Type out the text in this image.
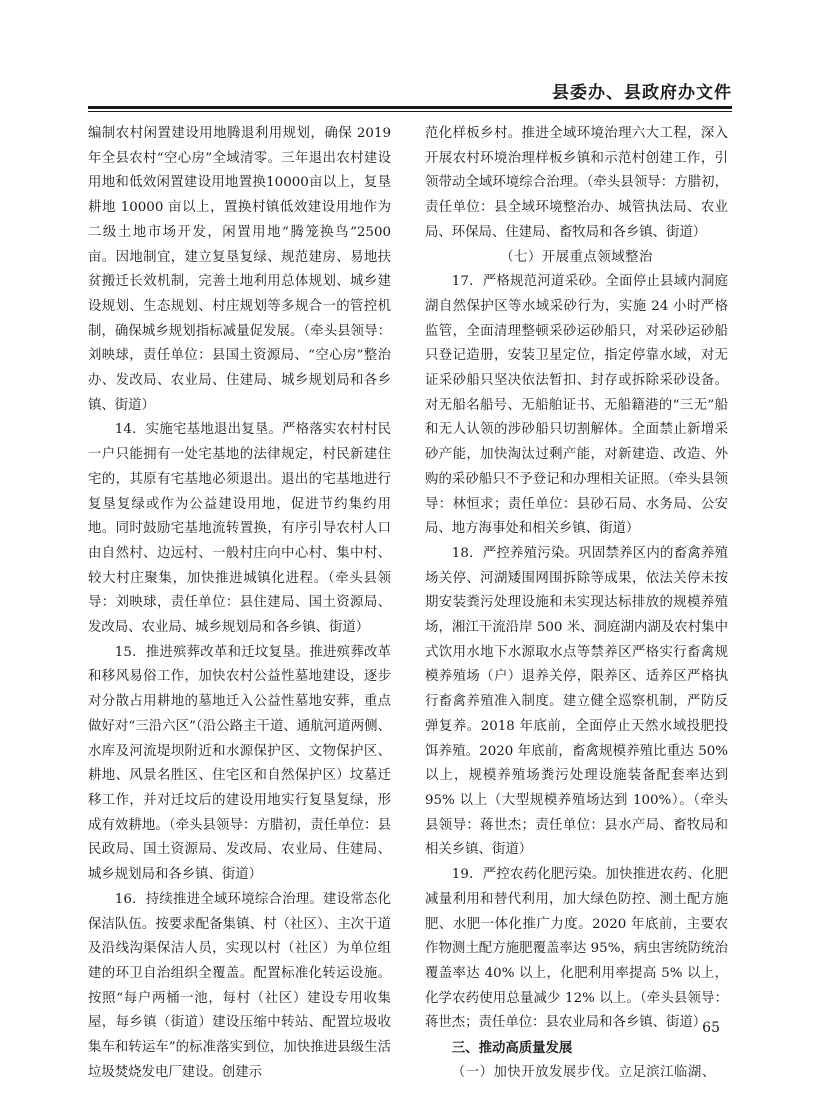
县委办、县政府办文件

编制农村闲置建设用地腾退利用规划，确保 2019年全县农村“空心房”全域清零。三年退出农村建设用地和低效闲置建设用地置换10000亩以上，复垦耕地 10000 亩以上，置换村镇低效建设用地作为二级土地市场开发，闲置用地“腾笼换鸟”2500 亩。因地制宜，建立复垦复绿、规范建房、易地扶贫搬迁长效机制，完善土地利用总体规划、城乡建设规划、生态规划、村庄规划等多规合一的管控机制，确保城乡规划指标减量促发展。（牵头县领导：刘映球，责任单位：县国土资源局、“空心房”整治办、发改局、农业局、住建局、城乡规划局和各乡镇、街道）

14．实施宅基地退出复垦。严格落实农村村民一户只能拥有一处宅基地的法律规定，村民新建住宅的，其原有宅基地必须退出。退出的宅基地进行复垦复绿或作为公益建设用地，促进节约集约用地。同时鼓励宅基地流转置换，有序引导农村人口由自然村、边远村、一般村庄向中心村、集中村、较大村庄聚集，加快推进城镇化进程。（牵头县领导：刘映球，责任单位：县住建局、国土资源局、发改局、农业局、城乡规划局和各乡镇、街道）

15．推进殡葬改革和迁坟复垦。推进殡葬改革和移风易俗工作，加快农村公益性墓地建设，逐步对分散占用耕地的墓地迁入公益性墓地安葬，重点做好对“三沿六区”（沿公路主干道、通航河道两侧、水库及河流堤坝附近和水源保护区、文物保护区、耕地、风景名胜区、住宅区和自然保护区）坟墓迁移工作，并对迁坟后的建设用地实行复垦复绿，形成有效耕地。（牵头县领导：方腊初，责任单位：县民政局、国土资源局、发改局、农业局、住建局、城乡规划局和各乡镇、街道）

16．持续推进全域环境综合治理。建设常态化保洁队伍。按要求配备集镇、村（社区）、主次干道及沿线沟渠保洁人员，实现以村（社区）为单位组建的环卫自治组织全覆盖。配置标准化转运设施。按照“每户两桶一池，每村（社区）建设专用收集屋，每乡镇（街道）建设压缩中转站、配置垃圾收集车和转运车”的标准落实到位，加快推进县级生活垃圾焚烧发电厂建设。创建示

范化样板乡村。推进全域环境治理六大工程，深入开展农村环境治理样板乡镇和示范村创建工作，引领带动全域环境综合治理。（牵头县领导：方腊初，责任单位：县全域环境整治办、城管执法局、农业局、环保局、住建局、畜牧局和各乡镇、街道）

（七）开展重点领域整治

17．严格规范河道采砂。全面停止县域内洞庭湖自然保护区等水域采砂行为，实施 24 小时严格监管，全面清理整顿采砂运砂船只，对采砂运砂船只登记造册，安装卫星定位，指定停靠水域，对无证采砂船只坚决依法暂扣、封存或拆除采砂设备。对无船名船号、无船舶证书、无船籍港的“三无”船和无人认领的涉砂船只切割解体。全面禁止新增采砂产能，加快淘汰过剩产能，对新建造、改造、外购的采砂船只不予登记和办理相关证照。（牵头县领导：林恒求；责任单位：县砂石局、水务局、公安局、地方海事处和相关乡镇、街道）

18．严控养殖污染。巩固禁养区内的畜禽养殖场关停、河湖矮围网围拆除等成果，依法关停未按期安装粪污处理设施和未实现达标排放的规模养殖场，湘江干流沿岸 500 米、洞庭湖内湖及农村集中式饮用水地下水源取水点等禁养区严格实行畜禽规模养殖场（户）退养关停，限养区、适养区严格执行畜禽养殖准入制度。建立健全巡察机制，严防反弹复养。2018 年底前，全面停止天然水域投肥投饵养殖。2020 年底前，畜禽规模养殖比重达 50% 以上，规模养殖场粪污处理设施装备配套率达到 95% 以上（大型规模养殖场达到 100%）。（牵头县领导：蒋世杰；责任单位：县水产局、畜牧局和相关乡镇、街道）

19．严控农药化肥污染。加快推进农药、化肥减量利用和替代利用，加大绿色防控、测土配方施肥、水肥一体化推广力度。2020 年底前，主要农作物测土配方施肥覆盖率达 95%，病虫害统防统治覆盖率达 40% 以上，化肥利用率提高 5% 以上，化学农药使用总量减少 12% 以上。（牵头县领导：蒋世杰；责任单位：县农业局和各乡镇、街道）

三、推动高质量发展

（一）加快开放发展步伐。立足滨江临湖、

65
